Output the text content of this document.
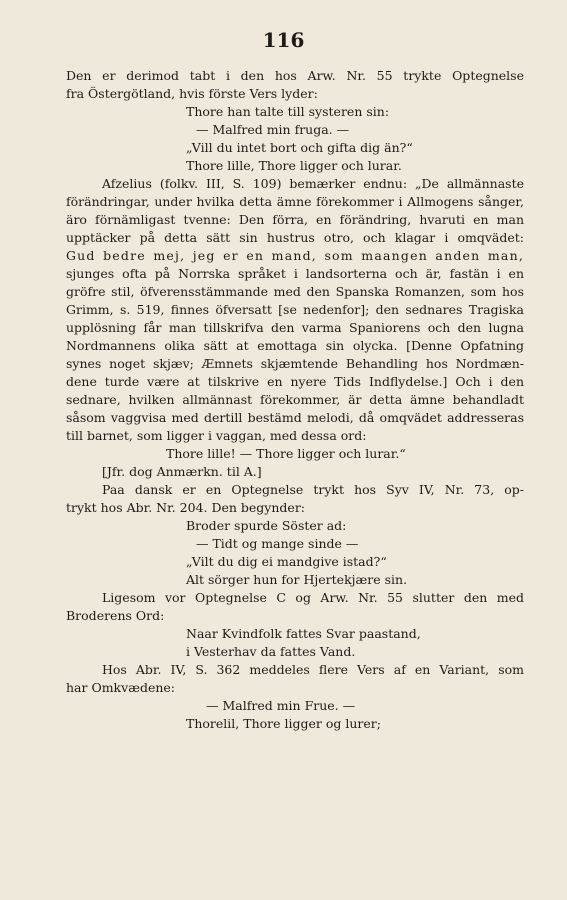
116
Den er derimod tabt i den hos Arw. Nr. 55 trykte Optegnelse
fra Östergötland, hvis förste Vers lyder:
Thore han talte till systeren sin:
— Malfred min fruga. —
„Vill du intet bort och gifta dig än?“
Thore lille, Thore ligger och lurar.
Afzelius (folkv. III, S. 109) bemærker endnu: „De allmännaste
förändringar, under hvilka detta ämne förekommer i Allmogens sånger,
äro förnämligast tvenne: Den förra, en förändring, hvaruti en man
upptäcker på detta sätt sin hustrus otro, och klagar i omqvädet:
Gud bedre mej, jeg er en mand, som maangen anden man,
sjunges ofta på Norrska språket i landsorterna och är, fastän i en
gröfre stil, öfverensstämmande med den Spanska Romanzen, som hos
Grimm, s. 519, finnes öfversatt [se nedenfor]; den sednares Tragiska
upplösning får man tillskrifva den varma Spaniorens och den lugna
Nordmannens olika sätt at emottaga sin olycka. [Denne Opfatning
synes noget skjæv; Æmnets skjæmtende Behandling hos Nordmæn-
dene turde være at tilskrive en nyere Tids Indflydelse.] Och i den
sednare, hvilken allmännast förekommer, är detta ämne behandladt
såsom vaggvisa med dertill bestämd melodi, då omqvädet addresseras
till barnet, som ligger i vaggan, med dessa ord:
Thore lille! — Thore ligger och lurar.“
[Jfr. dog Anmærkn. til A.]
Paa dansk er en Optegnelse trykt hos Syv IV, Nr. 73, op-
trykt hos Abr. Nr. 204. Den begynder:
Broder spurde Söster ad:
— Tidt og mange sinde —
„Vilt du dig ei mandgive istad?“
Alt sörger hun for Hjertekjære sin.
Ligesom vor Optegnelse C og Arw. Nr. 55 slutter den med
Broderens Ord:
Naar Kvindfolk fattes Svar paastand,
i Vesterhav da fattes Vand.
Hos Abr. IV, S. 362 meddeles flere Vers af en Variant, som
har Omkvædene:
— Malfred min Frue. —
Thorelil, Thore ligger og lurer;
